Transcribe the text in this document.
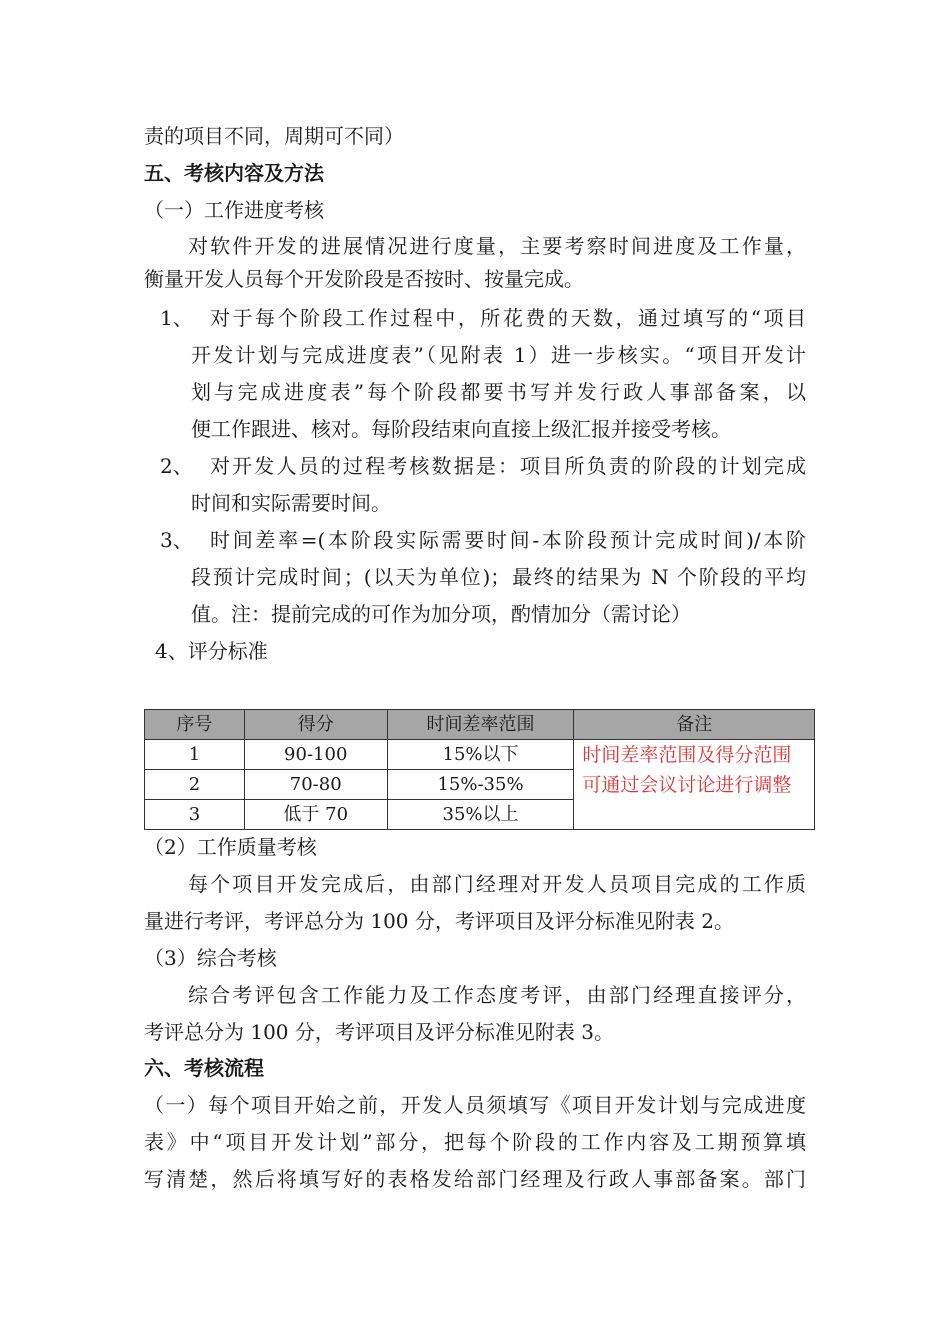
责的项目不同，周期可不同）
五、考核内容及方法
（一）工作进度考核
对软件开发的进展情况进行度量，主要考察时间进度及工作量，
衡量开发人员每个开发阶段是否按时、按量完成。
1、 对于每个阶段工作过程中，所花费的天数，通过填写的“项目
开发计划与完成进度表”（见附表 1）进一步核实。“项目开发计
划与完成进度表”每个阶段都要书写并发行政人事部备案，以
便工作跟进、核对。每阶段结束向直接上级汇报并接受考核。
2、 对开发人员的过程考核数据是：项目所负责的阶段的计划完成
时间和实际需要时间。
3、 时间差率=(本阶段实际需要时间-本阶段预计完成时间)/本阶
段预计完成时间；(以天为单位)；最终的结果为 N 个阶段的平均
值。注：提前完成的可作为加分项，酌情加分（需讨论）
4、评分标准
序号	得分	时间差率范围	备注
1	90-100	15%以下	时间差率范围及得分范围可通过会议讨论进行调整
2	70-80	15%-35%	
3	低于 70	35%以上	
（2）工作质量考核
每个项目开发完成后，由部门经理对开发人员项目完成的工作质
量进行考评，考评总分为 100 分，考评项目及评分标准见附表 2。
（3）综合考核
综合考评包含工作能力及工作态度考评，由部门经理直接评分，
考评总分为 100 分，考评项目及评分标准见附表 3。
六、考核流程
（一）每个项目开始之前，开发人员须填写《项目开发计划与完成进度
表》中“项目开发计划”部分，把每个阶段的工作内容及工期预算填
写清楚，然后将填写好的表格发给部门经理及行政人事部备案。部门
